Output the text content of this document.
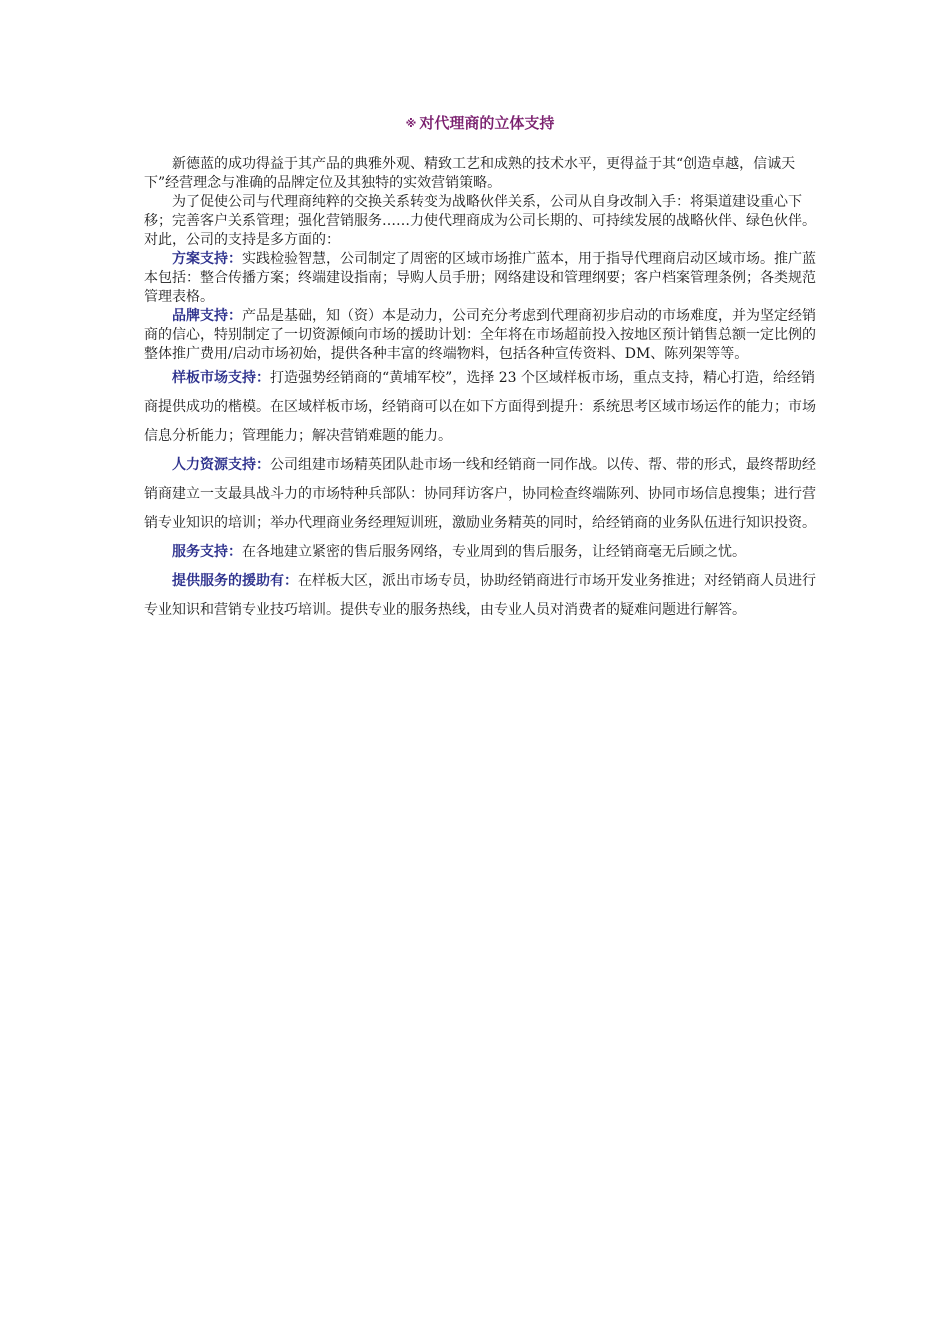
※ 对代理商的立体支持

新德蓝的成功得益于其产品的典雅外观、精致工艺和成熟的技术水平，更得益于其“创造卓越，信诚天下”经营理念与准确的品牌定位及其独特的实效营销策略。

为了促使公司与代理商纯粹的交换关系转变为战略伙伴关系，公司从自身改制入手：将渠道建设重心下移；完善客户关系管理；强化营销服务……力使代理商成为公司长期的、可持续发展的战略伙伴、绿色伙伴。对此，公司的支持是多方面的：

方案支持：实践检验智慧，公司制定了周密的区域市场推广蓝本，用于指导代理商启动区域市场。推广蓝本包括：整合传播方案；终端建设指南；导购人员手册；网络建设和管理纲要；客户档案管理条例；各类规范管理表格。

品牌支持：产品是基础，知（资）本是动力，公司充分考虑到代理商初步启动的市场难度，并为坚定经销商的信心，特别制定了一切资源倾向市场的援助计划：全年将在市场超前投入按地区预计销售总额一定比例的整体推广费用/启动市场初始，提供各种丰富的终端物料，包括各种宣传资料、DM、陈列架等等。

样板市场支持：打造强势经销商的“黄埔军校”，选择 23 个区域样板市场，重点支持，精心打造，给经销商提供成功的楷模。在区域样板市场，经销商可以在如下方面得到提升：系统思考区域市场运作的能力；市场信息分析能力；管理能力；解决营销难题的能力。

人力资源支持：公司组建市场精英团队赴市场一线和经销商一同作战。以传、帮、带的形式，最终帮助经销商建立一支最具战斗力的市场特种兵部队：协同拜访客户，协同检查终端陈列、协同市场信息搜集；进行营销专业知识的培训；举办代理商业务经理短训班，激励业务精英的同时，给经销商的业务队伍进行知识投资。

服务支持：在各地建立紧密的售后服务网络，专业周到的售后服务，让经销商毫无后顾之忧。

提供服务的援助有：在样板大区，派出市场专员，协助经销商进行市场开发业务推进；对经销商人员进行专业知识和营销专业技巧培训。提供专业的服务热线，由专业人员对消费者的疑难问题进行解答。
